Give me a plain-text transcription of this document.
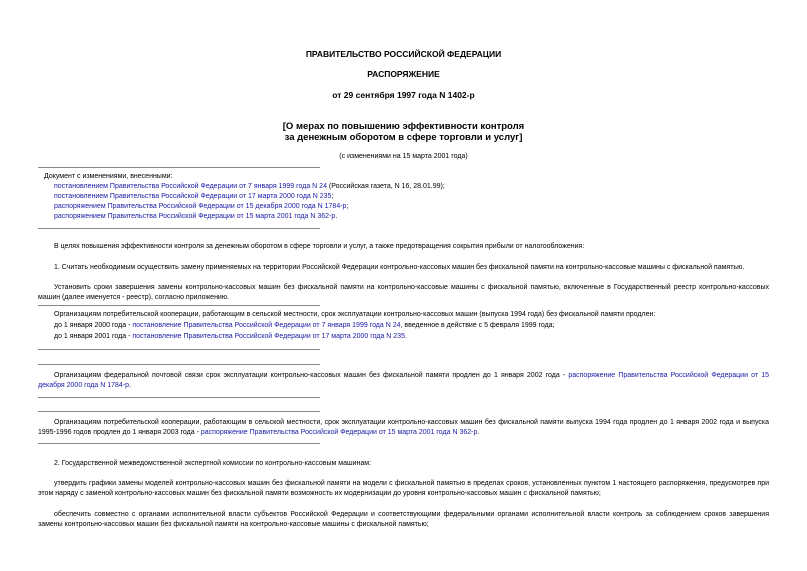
ПРАВИТЕЛЬСТВО РОССИЙСКОЙ ФЕДЕРАЦИИ
РАСПОРЯЖЕНИЕ
от 29 сентября 1997 года N 1402-р
[О мерах по повышению эффективности контроля
за денежным оборотом в сфере торговли и услуг]
(с изменениями на 15 марта 2001 года)
Документ с изменениями, внесенными:
постановлением Правительства Российской Федерации от 7 января 1999 года N 24 (Российская газета, N 16, 28.01.99);
постановлением Правительства Российской Федерации от 17 марта 2000 года N 235;
распоряжением Правительства Российской Федерации от 15 декабря 2000 года N 1784-р;
распоряжением Правительства Российской Федерации от 15 марта 2001 года N 362-р.
В целях повышения эффективности контроля за денежным оборотом в сфере торговли и услуг, а также предотвращения сокрытия прибыли от налогообложения:
1. Считать необходимым осуществить замену применяемых на территории Российской Федерации контрольно-кассовых машин без фискальной памяти на контрольно-кассовые машины с фискальной памятью.
Установить сроки завершения замены контрольно-кассовых машин без фискальной памяти на контрольно-кассовые машины с фискальной памятью, включенные в Государственный реестр контрольно-кассовых машин (далее именуется - реестр), согласно приложению.
Организациям потребительской кооперации, работающим в сельской местности, срок эксплуатации контрольно-кассовых машин (выпуска 1994 года) без фискальной памяти продлен:
до 1 января 2000 года - постановление Правительства Российской Федерации от 7 января 1999 года N 24, введенное в действие с 5 февраля 1999 года;
до 1 января 2001 года - постановление Правительства Российской Федерации от 17 марта 2000 года N 235.
Организациям федеральной почтовой связи срок эксплуатации контрольно-кассовых машин без фискальной памяти продлен до 1 января 2002 года - распоряжение Правительства Российской Федерации от 15 декабря 2000 года N 1784-р.
Организациям потребительской кооперации, работающим в сельской местности, срок эксплуатации контрольно-кассовых машин без фискальной памяти выпуска 1994 года продлен до 1 января 2002 года и выпуска 1995-1996 годов продлен до 1 января 2003 года - распоряжение Правительства Российской Федерации от 15 марта 2001 года N 362-р.
2. Государственной межведомственной экспертной комиссии по контрольно-кассовым машинам:
утвердить графики замены моделей контрольно-кассовых машин без фискальной памяти на модели с фискальной памятью в пределах сроков, установленных пунктом 1 настоящего распоряжения, предусмотрев при этом наряду с заменой контрольно-кассовых машин без фискальной памяти возможность их модернизации до уровня контрольно-кассовых машин с фискальной памятью;
обеспечить совместно с органами исполнительной власти субъектов Российской Федерации и соответствующими федеральными органами исполнительной власти контроль за соблюдением сроков завершения замены контрольно-кассовых машин без фискальной памяти на контрольно-кассовые машины с фискальной памятью;
